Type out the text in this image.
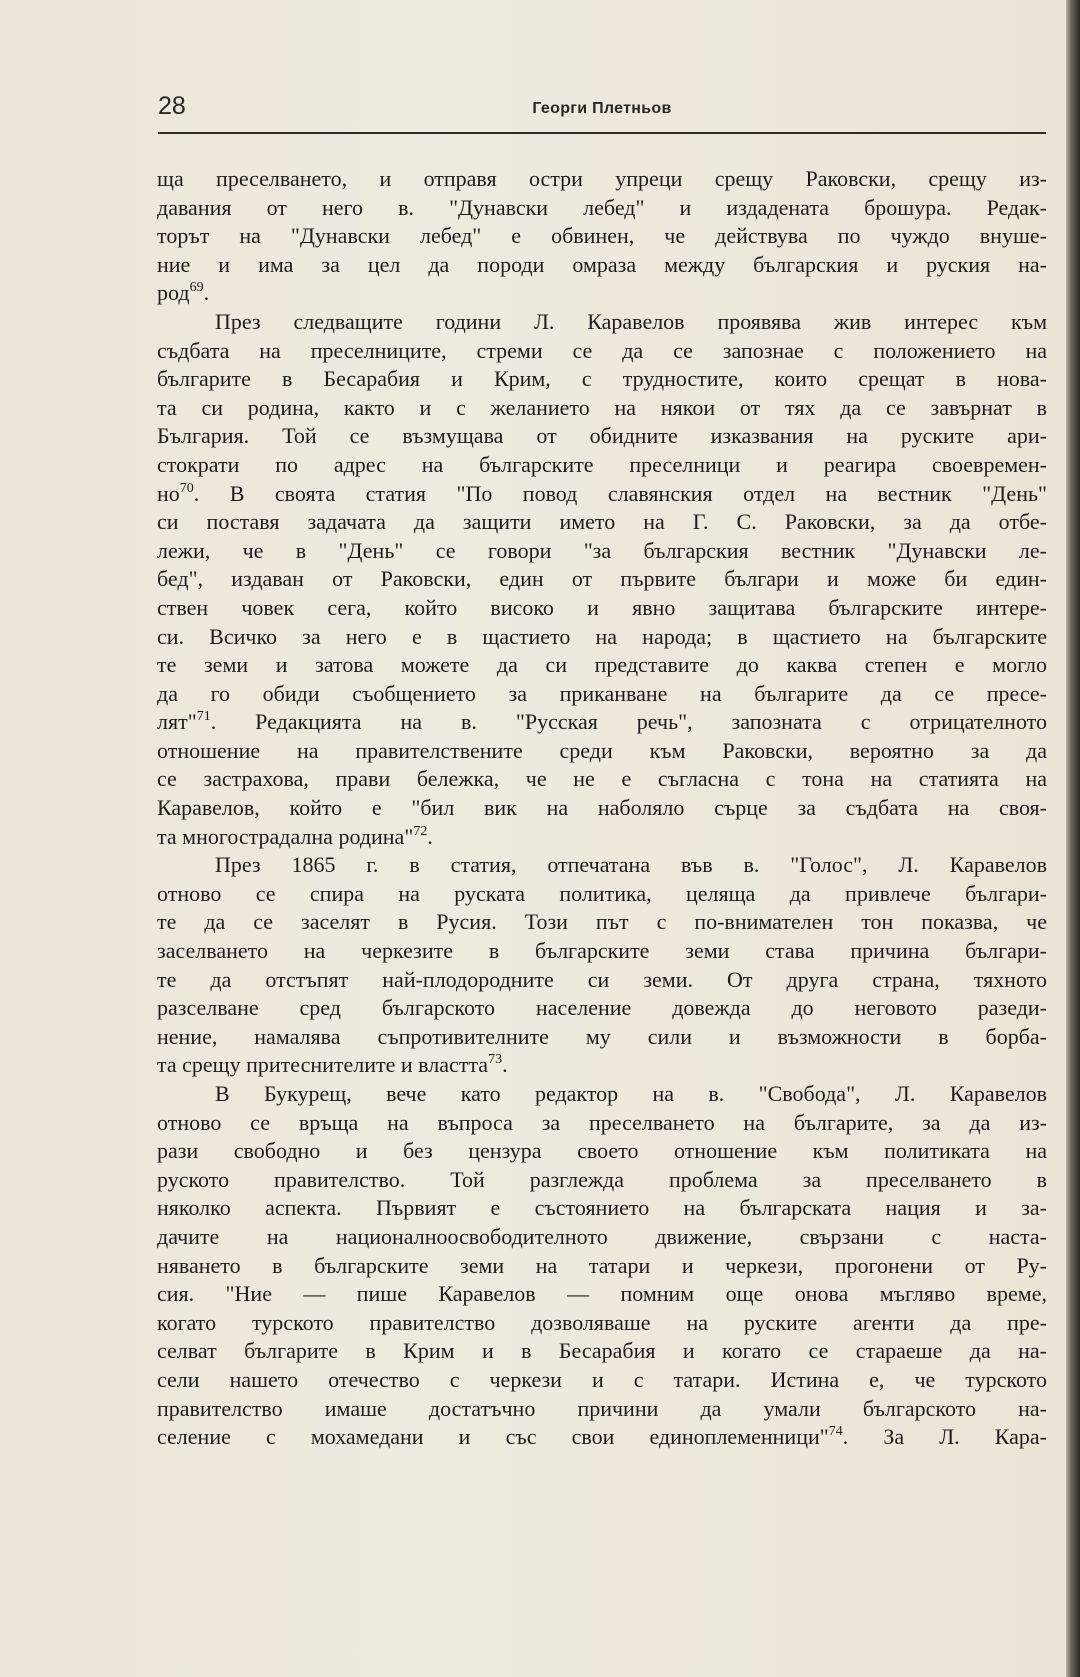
28	Георги Плетньов
ща преселването, и отправя остри упреци срещу Раковски, срещу из-
давания от него в. "Дунавски лебед" и издадената брошура. Редак-
торът на "Дунавски лебед" е обвинен, че действува по чуждо внуше-
ние и има за цел да породи омраза между българския и руския на-
род$^{69}$.
През следващите години Л. Каравелов проявява жив интерес към
съдбата на преселниците, стреми се да се запознае с положението на
българите в Бесарабия и Крим, с трудностите, които срещат в нова-
та си родина, както и с желанието на някои от тях да се завърнат в
България. Той се възмущава от обидните изказвания на руските ари-
стократи по адрес на българските преселници и реагира своевремен-
$но^{70}$. В своята статия "По повод славянския отдел на вестник "День"
си поставя задачата да защити името на Г. С. Раковски, за да отбе-
лежи, че в "День" се говори "за българския вестник "Дунавски ле-
бед", издаван от Раковски, един от първите българи и може би един-
ствен човек сега, който високо и явно защитава българските интере-
си. Всичко за него е в щастието на народа; в щастието на българските
те земи и затова можете да си представите до каква степен е могло
да го обиди съобщението за приканване на българите да се пресе-
лят"$^{71}$. Редакцията на в. "Русская речь", запозната с отрицателното
отношение на правителствените среди към Раковски, вероятно за да
се застрахова, прави бележка, че не е съгласна с тона на статията на
Каравелов, който е "бил вик на наболяло сърце за съдбата на своя-
та многострадална родина"$^{72}$.
През 1865 г. в статия, отпечатана във в. "Голос", Л. Каравелов
отново се спира на руската политика, целяща да привлече българи-
те да се заселят в Русия. Този път с по-внимателен тон показва, че
заселването на черкезите в българските земи става причина българи-
те да отстъпят най-плодородните си земи. От друга страна, тяхното
разселване сред българското население довежда до неговото разеди-
нение, намалява съпротивителните му сили и възможности в борба-
та срещу притеснителите и властта$^{73}$.
В Букурещ, вече като редактор на в. "Свобода", Л. Каравелов
отново се връща на въпроса за преселването на българите, за да из-
рази свободно и без цензура своето отношение към политиката на
руското правителство. Той разглежда проблема за преселването в
няколко аспекта. Първият е състоянието на българската нация и за-
дачите на националноосвободителното движение, свързани с наста-
няването в българските земи на татари и черкези, прогонени от Ру-
сия. "Ние — пише Каравелов — помним още онова мъгляво време,
когато турското правителство дозволяваше на руските агенти да пре-
селват българите в Крим и в Бесарабия и когато се стараеше да на-
сели нашето отечество с черкези и с татари. Истина е, че турското
правителство имаше достатъчно причини да умали българското на-
селение с мохамедани и със свои единоплеменници"$^{74}$. За Л. Кара-
